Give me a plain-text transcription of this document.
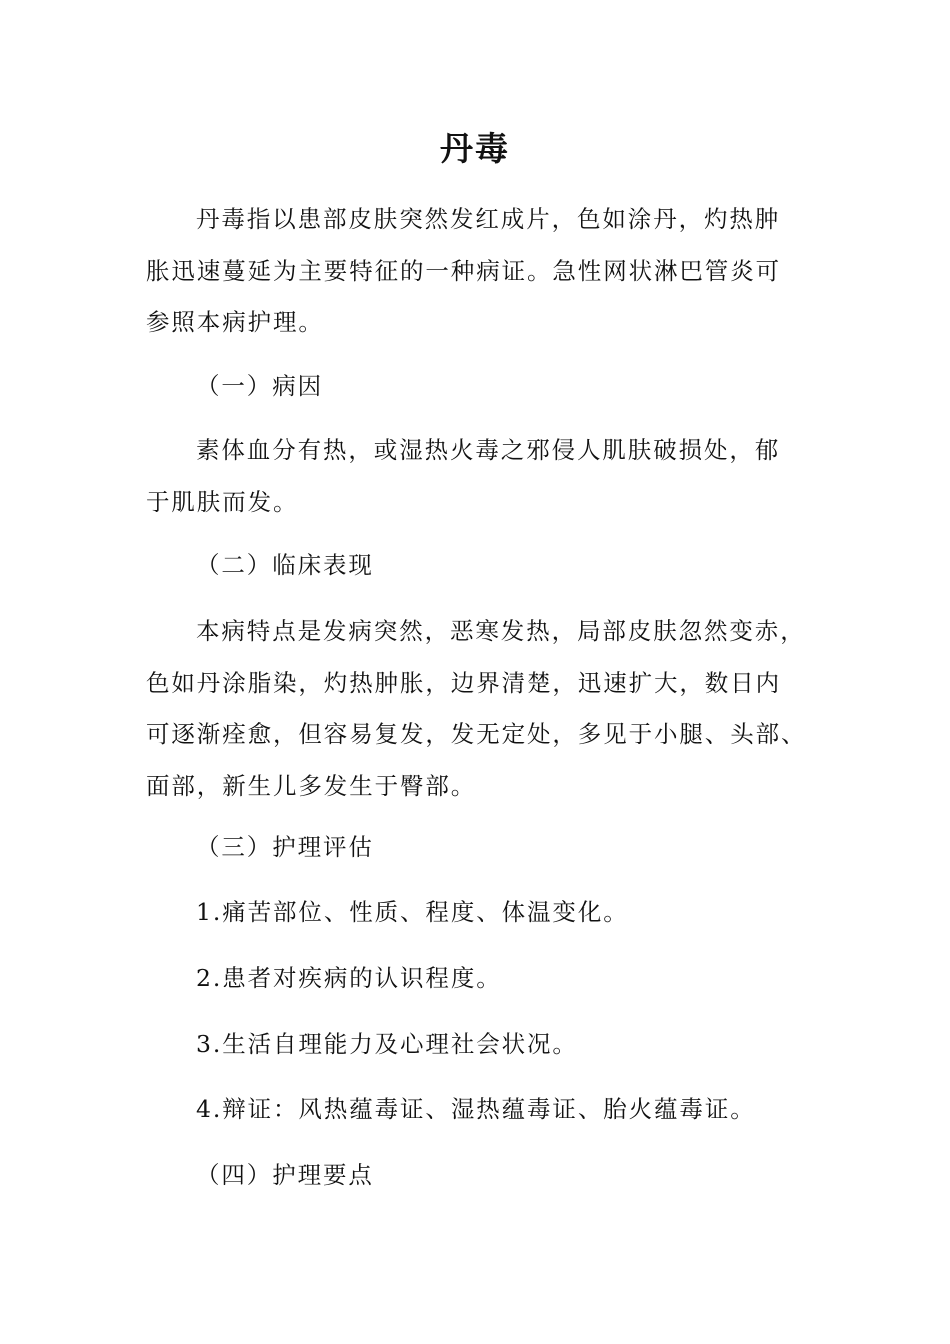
丹毒
丹毒指以患部皮肤突然发红成片，色如涂丹，灼热肿
胀迅速蔓延为主要特征的一种病证。急性网状淋巴管炎可
参照本病护理。
（一）病因
素体血分有热，或湿热火毒之邪侵人肌肤破损处，郁
于肌肤而发。
（二）临床表现
本病特点是发病突然，恶寒发热，局部皮肤忽然变赤，
色如丹涂脂染，灼热肿胀，边界清楚，迅速扩大，数日内
可逐渐痊愈，但容易复发，发无定处，多见于小腿、头部、
面部，新生儿多发生于臀部。
（三）护理评估
1.痛苦部位、性质、程度、体温变化。
2.患者对疾病的认识程度。
3.生活自理能力及心理社会状况。
4.辩证：风热蕴毒证、湿热蕴毒证、胎火蕴毒证。
（四）护理要点
